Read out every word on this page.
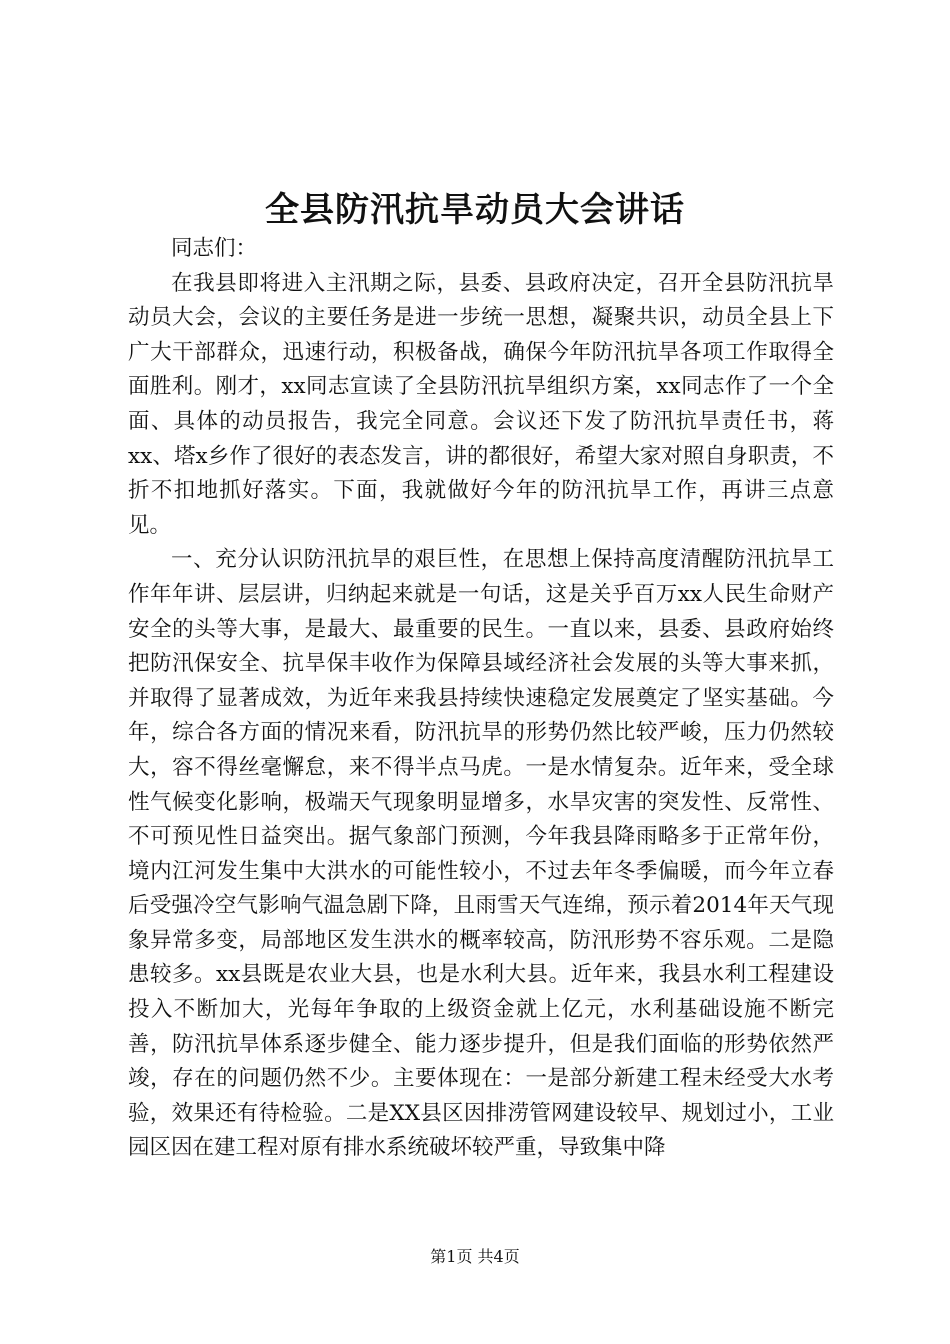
全县防汛抗旱动员大会讲话

同志们：

在我县即将进入主汛期之际，县委、县政府决定，召开全县防汛抗旱动员大会，会议的主要任务是进一步统一思想，凝聚共识，动员全县上下广大干部群众，迅速行动，积极备战，确保今年防汛抗旱各项工作取得全面胜利。刚才，xx同志宣读了全县防汛抗旱组织方案，xx同志作了一个全面、具体的动员报告，我完全同意。会议还下发了防汛抗旱责任书，蒋xx、塔x乡作了很好的表态发言，讲的都很好，希望大家对照自身职责，不折不扣地抓好落实。下面，我就做好今年的防汛抗旱工作，再讲三点意见。

一、充分认识防汛抗旱的艰巨性，在思想上保持高度清醒防汛抗旱工作年年讲、层层讲，归纳起来就是一句话，这是关乎百万xx人民生命财产安全的头等大事，是最大、最重要的民生。一直以来，县委、县政府始终把防汛保安全、抗旱保丰收作为保障县域经济社会发展的头等大事来抓，并取得了显著成效，为近年来我县持续快速稳定发展奠定了坚实基础。今年，综合各方面的情况来看，防汛抗旱的形势仍然比较严峻，压力仍然较大，容不得丝毫懈怠，来不得半点马虎。一是水情复杂。近年来，受全球性气候变化影响，极端天气现象明显增多，水旱灾害的突发性、反常性、不可预见性日益突出。据气象部门预测，今年我县降雨略多于正常年份，境内江河发生集中大洪水的可能性较小，不过去年冬季偏暖，而今年立春后受强冷空气影响气温急剧下降，且雨雪天气连绵，预示着2014年天气现象异常多变，局部地区发生洪水的概率较高，防汛形势不容乐观。二是隐患较多。xx县既是农业大县，也是水利大县。近年来，我县水利工程建设投入不断加大，光每年争取的上级资金就上亿元，水利基础设施不断完善，防汛抗旱体系逐步健全、能力逐步提升，但是我们面临的形势依然严竣，存在的问题仍然不少。主要体现在：一是部分新建工程未经受大水考验，效果还有待检验。二是XX县区因排涝管网建设较早、规划过小，工业园区因在建工程对原有排水系统破坏较严重，导致集中降

第1页 共4页
